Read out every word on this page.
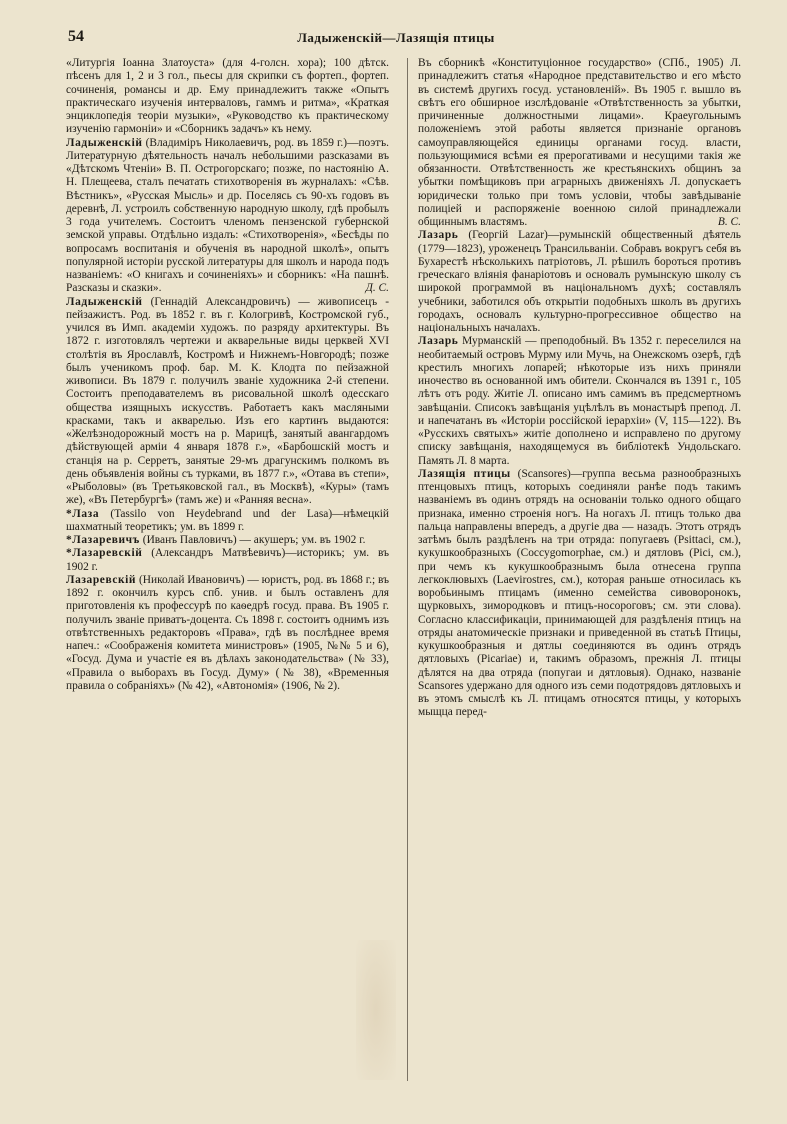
54	Ладыженскій—Лазящія птицы

«Литургія Іоанна Златоуста» (для 4-голсн. хора); 100 дѣтск. пѣсенъ для 1, 2 и 3 гол., пьесы для скрипки съ фортеп., фортеп. сочиненія, романсы и др. Ему принадлежитъ также «Опытъ практическаго изученія интерваловъ, гаммъ и ритма», «Краткая энциклопедія теоріи музыки», «Руководство къ практическому изученію гармоніи» и «Сборникъ задачъ» къ нему.

Ладыженскій (Владиміръ Николаевичъ, род. въ 1859 г.)—поэтъ. Литературную дѣятельность началъ небольшими разсказами въ «Дѣтскомъ Чтеніи» В. П. Острогорскаго; позже, по настоянію А. Н. Плещеева, сталъ печатать стихотворенія въ журналахъ: «Сѣв. Вѣстникъ», «Русская Мысль» и др. Поселясь съ 90-хъ годовъ въ деревнѣ, Л. устроилъ собственную народную школу, гдѣ пробылъ 3 года учителемъ. Состоитъ членомъ пензенской губернской земской управы. Отдѣльно издалъ: «Стихотворенія», «Бесѣды по вопросамъ воспитанія и обученія въ народной школѣ», опытъ популярной исторіи русской литературы для школъ и народа подъ названіемъ: «О книгахъ и сочиненіяхъ» и сборникъ: «На пашнѣ. Разсказы и сказки».	Д. С.

Ладыженскій (Геннадій Александровичъ) — живописецъ - пейзажистъ. Род. въ 1852 г. въ г. Кологривѣ, Костромской губ., учился въ Имп. академіи художъ. по разряду архитектуры. Въ 1872 г. изготовлялъ чертежи и акварельные виды церквей XVI столѣтія въ Ярославлѣ, Костромѣ и Нижнемъ-Новгородѣ; позже былъ ученикомъ проф. бар. М. К. Клодта по пейзажной живописи. Въ 1879 г. получилъ званіе художника 2-й степени. Состоитъ преподавателемъ въ рисовальной школѣ одесскаго общества изящныхъ искусствъ. Работаетъ какъ масляными красками, такъ и акварелью. Изъ его картинъ выдаются: «Желѣзнодорожный мостъ на р. Марицѣ, занятый авангардомъ дѣйствующей арміи 4 января 1878 г.», «Барбошскій мостъ и станція на р. Серретъ, занятые 29-мъ драгунскимъ полкомъ въ день объявленія войны съ турками, въ 1877 г.», «Отава въ степи», «Рыболовы» (въ Третьяковской гал., въ Москвѣ), «Куры» (тамъ же), «Въ Петербургѣ» (тамъ же) и «Ранняя весна».

*Лаза (Tassilo von Heydebrand und der Lasa)—нѣмецкій шахматный теоретикъ; ум. въ 1899 г.

*Лазаревичъ (Иванъ Павловичъ) — акушеръ; ум. въ 1902 г.

*Лазаревскій (Александръ Матвѣевичъ)—историкъ; ум. въ 1902 г.

Лазаревскій (Николай Ивановичъ) — юристъ, род. въ 1868 г.; въ 1892 г. окончилъ курсъ спб. унив. и былъ оставленъ для приготовленія къ профессурѣ по каѳедрѣ госуд. права. Въ 1905 г. получилъ званіе приватъ-доцента. Съ 1898 г. состоитъ однимъ изъ отвѣтственныхъ редакторовъ «Права», гдѣ въ послѣднее время напеч.: «Соображенія комитета министровъ» (1905, №№ 5 и 6), «Госуд. Дума и участіе ея въ дѣлахъ законодательства» (№ 33), «Правила о выборахъ въ Госуд. Думу» (№ 38), «Временныя правила о собраніяхъ» (№ 42), «Автономія» (1906, № 2).

Въ сборникѣ «Конституціонное государство» (СПб., 1905) Л. принадлежитъ статья «Народное представительство и его мѣсто въ системѣ другихъ госуд. установленій». Въ 1905 г. вышло въ свѣтъ его обширное изслѣдованіе «Отвѣтственность за убытки, причиненные должностными лицами». Краеугольнымъ положеніемъ этой работы является признаніе органовъ самоуправляющейся единицы органами госуд. власти, пользующимися всѣми ея прерогативами и несущими такія же обязанности. Отвѣтственность же крестьянскихъ общинъ за убытки помѣщиковъ при аграрныхъ движеніяхъ Л. допускаетъ юридически только при томъ условіи, чтобы завѣдываніе полиціей и распоряженіе военною силой принадлежали общиннымъ властямъ.	В. С.

Лазарь (Георгій Lazar)—румынскій общественный дѣятель (1779—1823), уроженецъ Трансильваніи. Собравъ вокругъ себя въ Бухарестѣ нѣсколькихъ патріотовъ, Л. рѣшилъ бороться противъ греческаго вліянія фанаріотовъ и основалъ румынскую школу съ широкой программой въ національномъ духѣ; составлялъ учебники, заботился объ открытіи подобныхъ школъ въ другихъ городахъ, основалъ культурно-прогрессивное общество на національныхъ началахъ.

Лазарь Мурманскій — преподобный. Въ 1352 г. переселился на необитаемый островъ Мурму или Мучь, на Онежскомъ озерѣ, гдѣ крестилъ многихъ лопарей; нѣкоторые изъ нихъ приняли иночество въ основанной имъ обители. Скончался въ 1391 г., 105 лѣтъ отъ роду. Житіе Л. описано имъ самимъ въ предсмертномъ завѣщаніи. Списокъ завѣщанія уцѣлѣлъ въ монастырѣ препод. Л. и напечатанъ въ «Исторіи россійской іерархіи» (V, 115—122). Въ «Русскихъ святыхъ» житіе дополнено и исправлено по другому списку завѣщанія, находящемуся въ библіотекѣ Ундольскаго. Память Л. 8 марта.

Лазящія птицы (Scansores)—группа весьма разнообразныхъ птенцовыхъ птицъ, которыхъ соединяли ранѣе подъ такимъ названіемъ въ одинъ отрядъ на основаніи только одного общаго признака, именно строенія ногъ. На ногахъ Л. птицъ только два пальца направлены впередъ, а другіе два — назадъ. Этотъ отрядъ затѣмъ былъ раздѣленъ на три отряда: попугаевъ (Psittaci, см.), кукушкообразныхъ (Coccygomorphae, см.) и дятловъ (Pici, см.), при чемъ къ кукушкообразнымъ была отнесена группа легкоклювыхъ (Laevirostres, см.), которая раньше относилась къ воробьинымъ птицамъ (именно семейства сивоворонокъ, щурковыхъ, зимородковъ и птицъ-носороговъ; см. эти слова). Согласно классификаціи, принимающей для раздѣленія птицъ на отряды анатомическіе признаки и приведенной въ статьѣ Птицы, кукушкообразныя и дятлы соединяются въ одинъ отрядъ дятловыхъ (Picariae) и, такимъ образомъ, прежнія Л. птицы дѣлятся на два отряда (попугаи и дятловыя). Однако, названіе Scansores удержано для одного изъ семи подотрядовъ дятловыхъ и въ этомъ смыслѣ къ Л. птицамъ относятся птицы, у которыхъ мыщца перед-
